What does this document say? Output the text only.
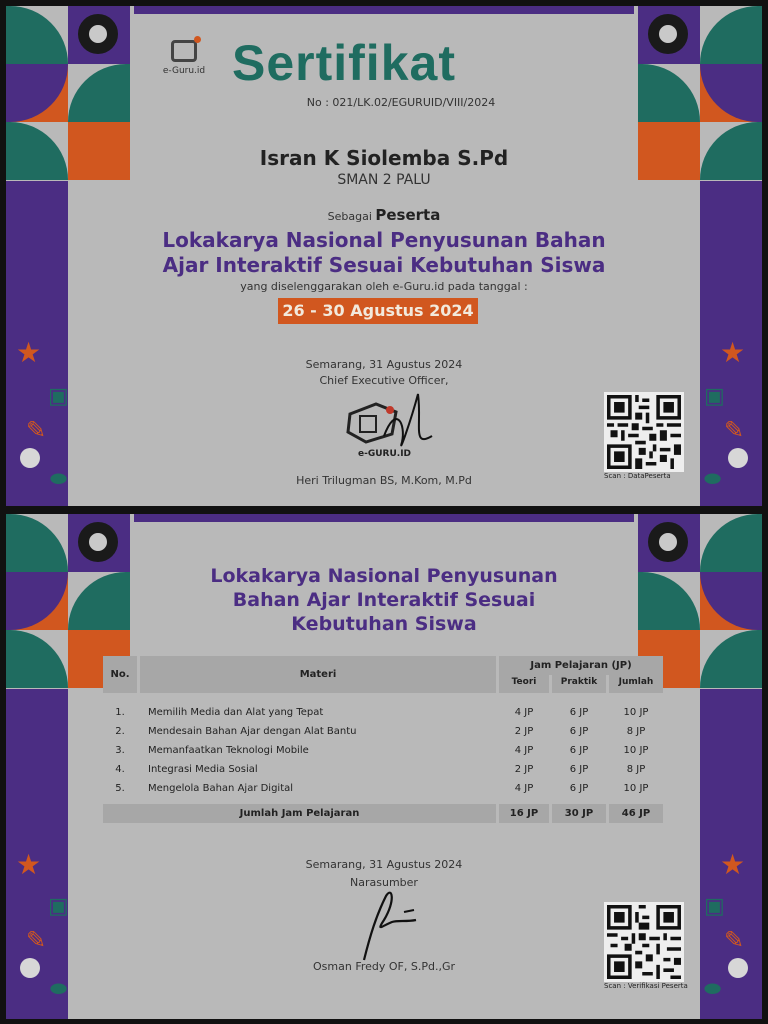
★
▣
✎
⬬
★
▣
✎
⬬
e-Guru.id Sertifikat
No : 021/LK.02/EGURUID/VIII/2024
Isran K Siolemba S.Pd
SMAN 2 PALU
Sebagai Peserta
Lokakarya Nasional Penyusunan Bahan Ajar Interaktif Sesuai Kebutuhan Siswa
yang diselenggarakan oleh e-Guru.id pada tanggal :
26 - 30 Agustus 2024
Semarang, 31 Agustus 2024
Chief Executive Officer,
e-GURU.ID
Heri Trilugman BS, M.Kom, M.Pd	Scan : DataPeserta
★
▣
✎
⬬
★
▣
✎
⬬
Lokakarya Nasional Penyusunan Bahan Ajar Interaktif Sesuai Kebutuhan Siswa
No.	Materi	Jam Pelajaran (JP)		
		Teori	Praktik	Jumlah

1.	Memilih Media dan Alat yang Tepat	4 JP	6 JP	10 JP
2.	Mendesain Bahan Ajar dengan Alat Bantu	2 JP	6 JP	8 JP
3.	Memanfaatkan Teknologi Mobile	4 JP	6 JP	10 JP
4.	Integrasi Media Sosial	2 JP	6 JP	8 JP
5.	Mengelola Bahan Ajar Digital	4 JP	6 JP	10 JP

Jumlah Jam Pelajaran		16 JP	30 JP	46 JP
Semarang, 31 Agustus 2024
Narasumber
Osman Fredy OF, S.Pd.,Gr
Scan : Verifikasi Peserta
